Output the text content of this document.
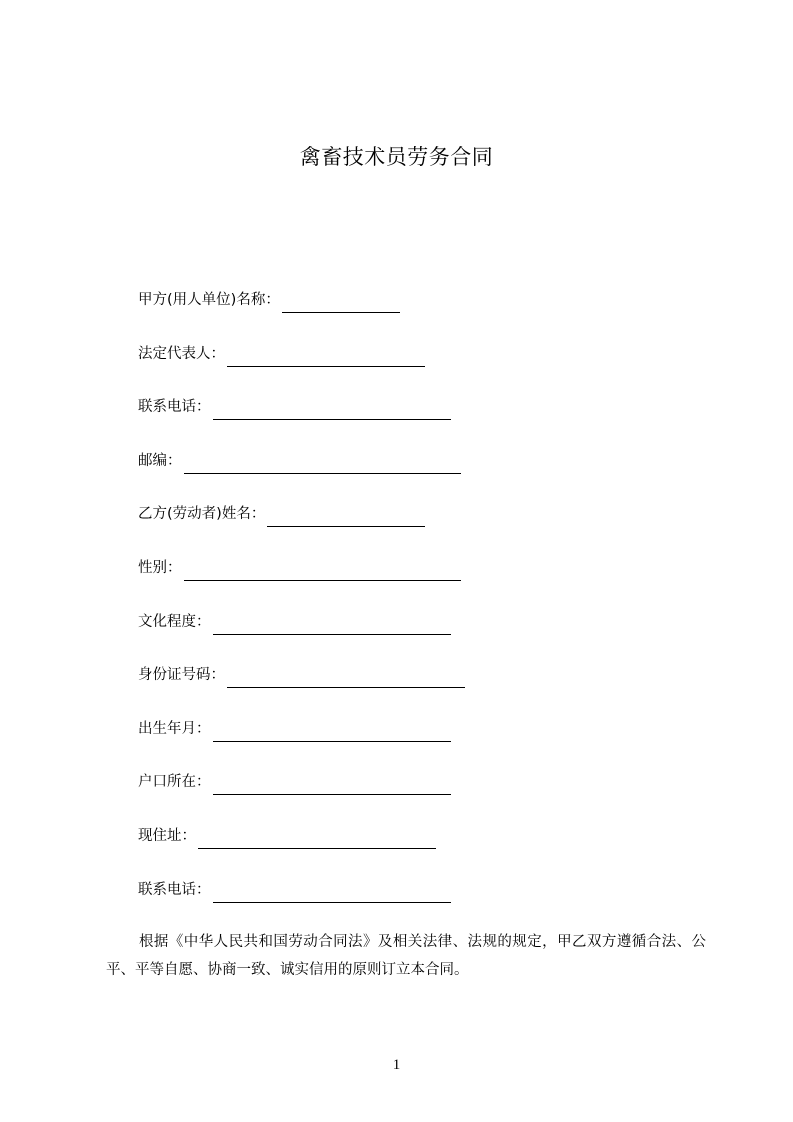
禽畜技术员劳务合同
甲方(用人单位)名称：
法定代表人：
联系电话：
邮编：
乙方(劳动者)姓名：
性别：
文化程度：
身份证号码：
出生年月：
户口所在：
现住址：
联系电话：
根据《中华人民共和国劳动合同法》及相关法律、法规的规定，甲乙双方遵循合法、公平、平等自愿、协商一致、诚实信用的原则订立本合同。
1
